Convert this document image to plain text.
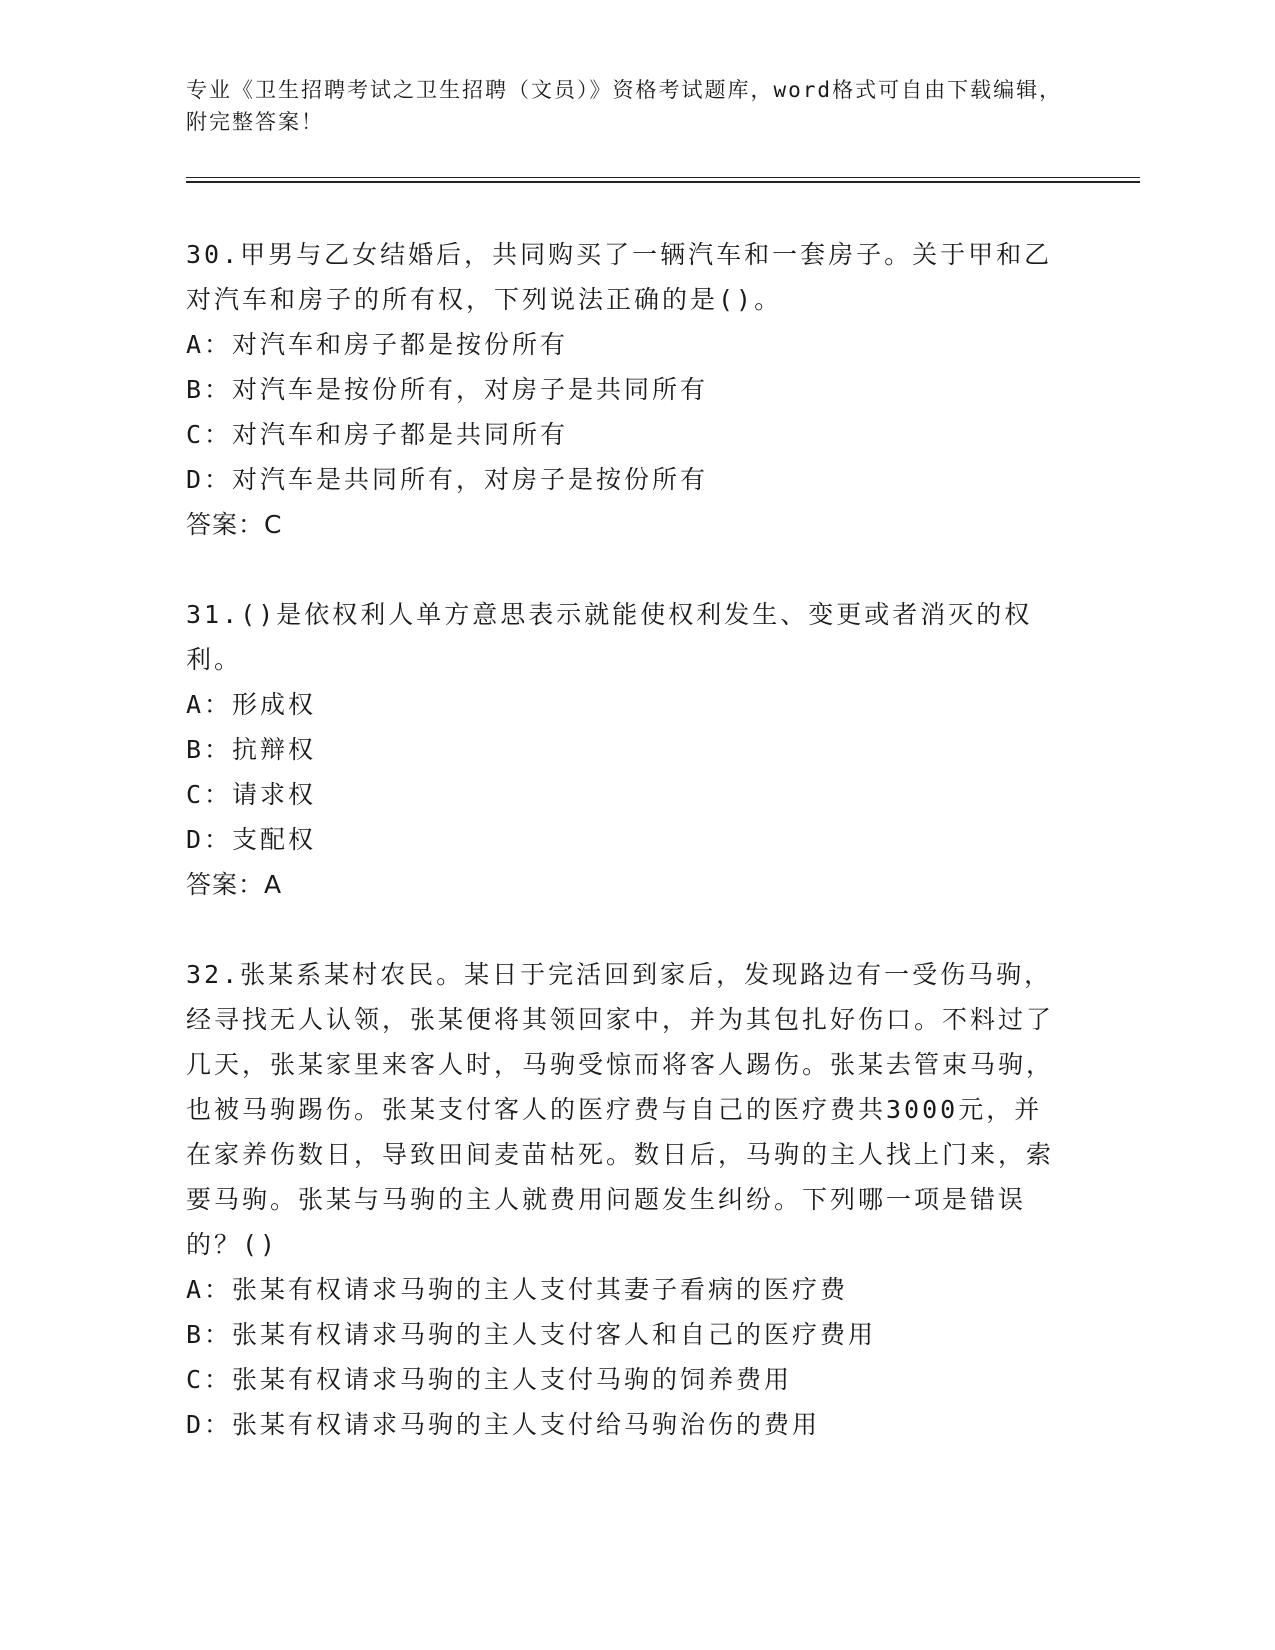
专业《卫生招聘考试之卫生招聘（文员）》资格考试题库，word格式可自由下载编辑，附完整答案！

30.甲男与乙女结婚后，共同购买了一辆汽车和一套房子。关于甲和乙对汽车和房子的所有权，下列说法正确的是()。

A：对汽车和房子都是按份所有

B：对汽车是按份所有，对房子是共同所有

C：对汽车和房子都是共同所有

D：对汽车是共同所有，对房子是按份所有

答案：C

31.()是依权利人单方意思表示就能使权利发生、变更或者消灭的权利。

A：形成权

B：抗辩权

C：请求权

D：支配权

答案：A

32.张某系某村农民。某日于完活回到家后，发现路边有一受伤马驹，经寻找无人认领，张某便将其领回家中，并为其包扎好伤口。不料过了几天，张某家里来客人时，马驹受惊而将客人踢伤。张某去管束马驹，也被马驹踢伤。张某支付客人的医疗费与自己的医疗费共3000元，并在家养伤数日，导致田间麦苗枯死。数日后，马驹的主人找上门来，索要马驹。张某与马驹的主人就费用问题发生纠纷。下列哪一项是错误的？()

A：张某有权请求马驹的主人支付其妻子看病的医疗费

B：张某有权请求马驹的主人支付客人和自己的医疗费用

C：张某有权请求马驹的主人支付马驹的饲养费用

D：张某有权请求马驹的主人支付给马驹治伤的费用
